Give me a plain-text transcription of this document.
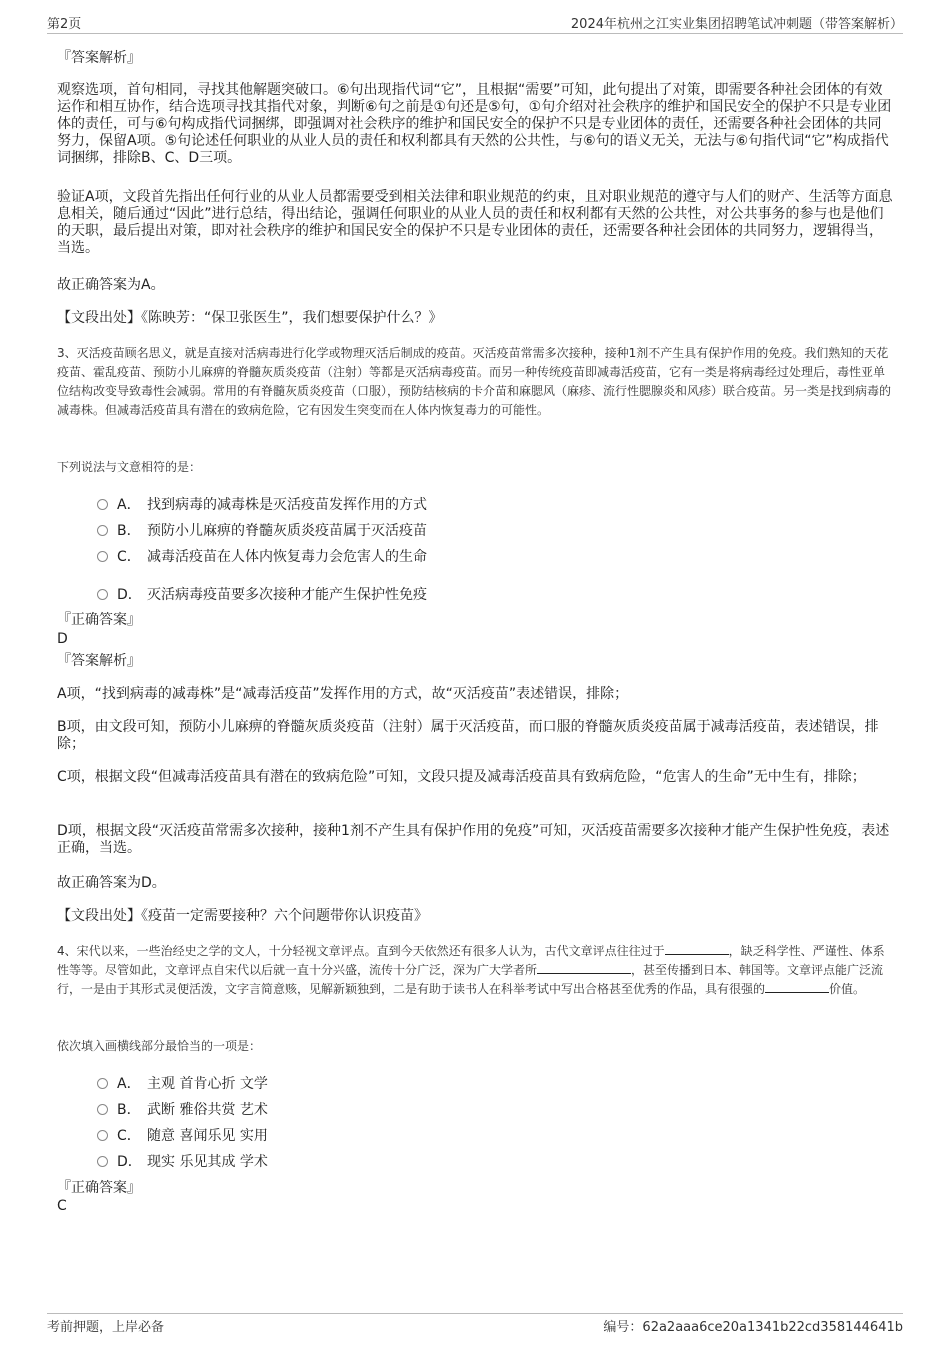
第2页	2024年杭州之江实业集团招聘笔试冲刺题（带答案解析）
『答案解析』
观察选项，首句相同，寻找其他解题突破口。⑥句出现指代词“它”，且根据“需要”可知，此句提出了对策，即需要各种社会团体的有效运作和相互协作，结合选项寻找其指代对象，判断⑥句之前是①句还是⑤句，①句介绍对社会秩序的维护和国民安全的保护不只是专业团体的责任，可与⑥句构成指代词捆绑，即强调对社会秩序的维护和国民安全的保护不只是专业团体的责任，还需要各种社会团体的共同努力，保留A项。⑤句论述任何职业的从业人员的责任和权利都具有天然的公共性，与⑥句的语义无关，无法与⑥句指代词“它”构成指代词捆绑，排除B、C、D三项。
验证A项，文段首先指出任何行业的从业人员都需要受到相关法律和职业规范的约束，且对职业规范的遵守与人们的财产、生活等方面息息相关，随后通过“因此”进行总结，得出结论，强调任何职业的从业人员的责任和权利都有天然的公共性，对公共事务的参与也是他们的天职，最后提出对策，即对社会秩序的维护和国民安全的保护不只是专业团体的责任，还需要各种社会团体的共同努力，逻辑得当，当选。
故正确答案为A。
【文段出处】《陈映芳：“保卫张医生”，我们想要保护什么？》
3、灭活疫苗顾名思义，就是直接对活病毒进行化学或物理灭活后制成的疫苗。灭活疫苗常需多次接种，接种1剂不产生具有保护作用的免疫。我们熟知的天花疫苗、霍乱疫苗、预防小儿麻痹的脊髓灰质炎疫苗（注射）等都是灭活病毒疫苗。而另一种传统疫苗即减毒活疫苗，它有一类是将病毒经过处理后，毒性亚单位结构改变导致毒性会减弱。常用的有脊髓灰质炎疫苗（口服），预防结核病的卡介苗和麻腮风（麻疹、流行性腮腺炎和风疹）联合疫苗。另一类是找到病毒的减毒株。但减毒活疫苗具有潜在的致病危险，它有因发生突变而在人体内恢复毒力的可能性。
下列说法与文意相符的是：
A． 找到病毒的减毒株是灭活疫苗发挥作用的方式
B． 预防小儿麻痹的脊髓灰质炎疫苗属于灭活疫苗
C． 减毒活疫苗在人体内恢复毒力会危害人的生命
D． 灭活病毒疫苗要多次接种才能产生保护性免疫
『正确答案』
D
『答案解析』
A项，“找到病毒的减毒株”是“减毒活疫苗”发挥作用的方式，故“灭活疫苗”表述错误，排除；
B项，由文段可知，预防小儿麻痹的脊髓灰质炎疫苗（注射）属于灭活疫苗，而口服的脊髓灰质炎疫苗属于减毒活疫苗，表述错误，排除；
C项，根据文段“但减毒活疫苗具有潜在的致病危险”可知，文段只提及减毒活疫苗具有致病危险，“危害人的生命”无中生有，排除；
D项，根据文段“灭活疫苗常需多次接种，接种1剂不产生具有保护作用的免疫”可知，灭活疫苗需要多次接种才能产生保护性免疫，表述正确，当选。
故正确答案为D。
【文段出处】《疫苗一定需要接种？六个问题带你认识疫苗》
4、宋代以来，一些治经史之学的文人，十分轻视文章评点。直到今天依然还有很多人认为，古代文章评点往往过于	，缺乏科学性、严谨性、体系性等等。尽管如此，文章评点自宋代以后就一直十分兴盛，流传十分广泛，深为广大学者所	，甚至传播到日本、韩国等。文章评点能广泛流行，一是由于其形式灵便活泼，文字言简意赅，见解新颖独到，二是有助于读书人在科举考试中写出合格甚至优秀的作品，具有很强的	价值。
依次填入画横线部分最恰当的一项是：
A． 主观 首肯心折 文学
B． 武断 雅俗共赏 艺术
C． 随意 喜闻乐见 实用
D． 现实 乐见其成 学术
『正确答案』
C
考前押题，上岸必备	编号：62a2aaa6ce20a1341b22cd358144641b
